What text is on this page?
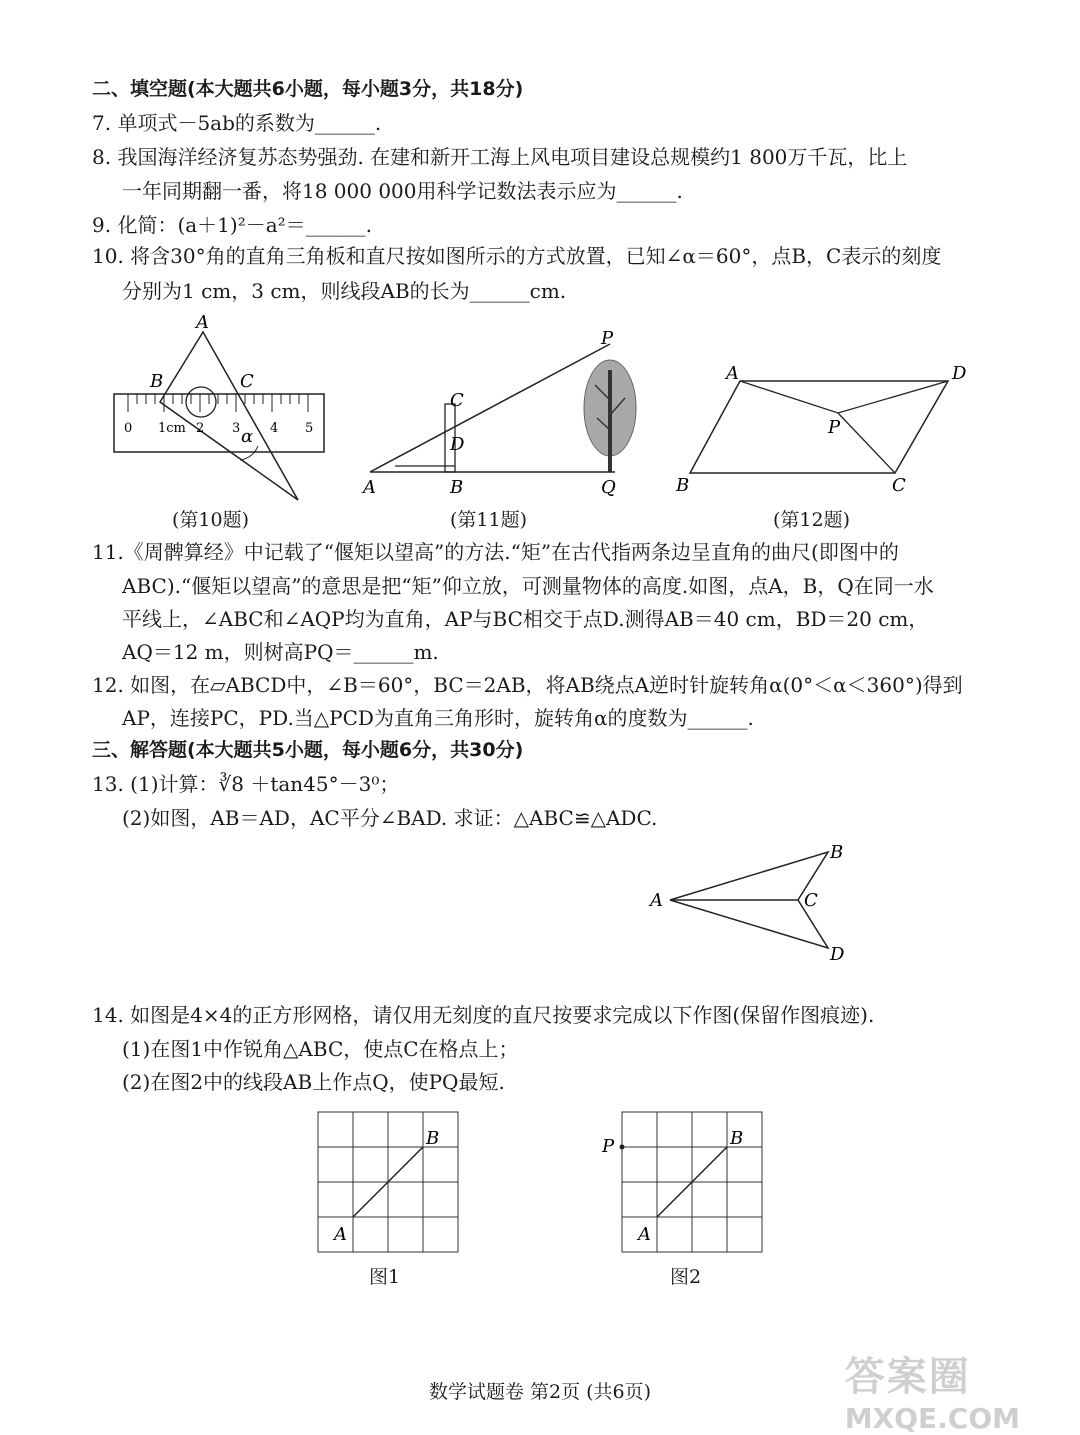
二、填空题(本大题共6小题，每小题3分，共18分)
7. 单项式－5ab的系数为______.
8. 我国海洋经济复苏态势强劲. 在建和新开工海上风电项目建设总规模约1 800万千瓦，比上
一年同期翻一番，将18 000 000用科学记数法表示应为______.
9. 化简：(a＋1)²－a²＝______.
10. 将含30°角的直角三角板和直尺按如图所示的方式放置，已知∠α＝60°，点B，C表示的刻度
分别为1 cm，3 cm，则线段AB的长为______cm.
A
B	C
α
0 1cm 2 3 4 5
(第10题)
P
C
D
A	B	Q
(第11题)
A	D
P
B	C
(第12题)
11.《周髀算经》中记载了“偃矩以望高”的方法.“矩”在古代指两条边呈直角的曲尺(即图中的
ABC).“偃矩以望高”的意思是把“矩”仰立放，可测量物体的高度.如图，点A，B，Q在同一水
平线上，∠ABC和∠AQP均为直角，AP与BC相交于点D.测得AB＝40 cm，BD＝20 cm，
AQ＝12 m，则树高PQ＝______m.
12. 如图，在▱ABCD中，∠B＝60°，BC＝2AB，将AB绕点A逆时针旋转角α(0°＜α＜360°)得到
AP，连接PC，PD.当△PCD为直角三角形时，旋转角α的度数为______.
三、解答题(本大题共5小题，每小题6分，共30分)
13. (1)计算：∛8 ＋tan45°－3⁰；
(2)如图，AB＝AD，AC平分∠BAD. 求证：△ABC≌△ADC.
A
B
C
D
14. 如图是4×4的正方形网格，请仅用无刻度的直尺按要求完成以下作图(保留作图痕迹).
(1)在图1中作锐角△ABC，使点C在格点上；
(2)在图2中的线段AB上作点Q，使PQ最短.
A
B
图1
P
A
B
图2
数学试题卷 第2页 (共6页)	答案圈
MXQE.COM
